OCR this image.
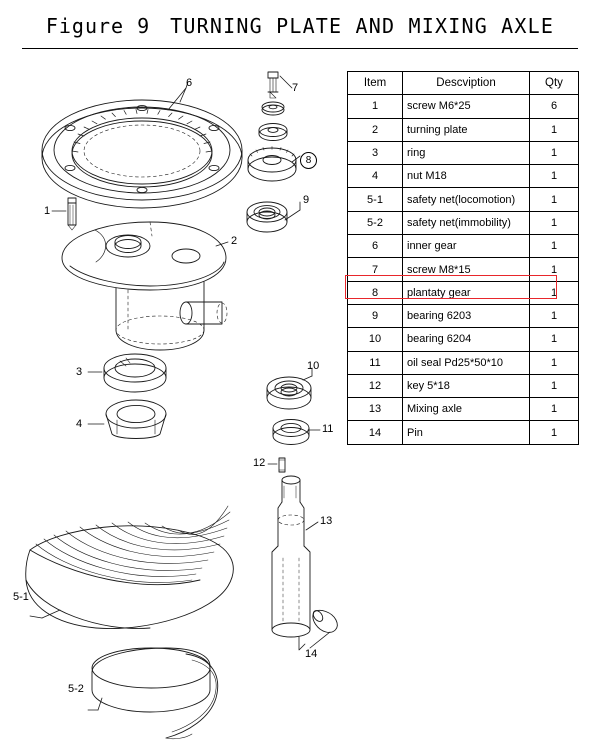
Figure 9 TURNING PLATE AND MIXING AXLE
6	7
8
9
1
2
3
4
10
11
12
13
14
5-1
5-2
Item	Descviption	Qty
1	screw M6*25	6
2	turning plate	1
3	ring	1
4	nut M18	1
5-1	safety net(locomotion)	1
5-2	safety net(immobility)	1
6	inner gear	1
7	screw M8*15	1
8	plantaty gear	1
9	bearing 6203	1
10	bearing 6204	1
11	oil seal Pd25*50*10	1
12	key 5*18	1
13	Mixing axle	1
14	Pin	1
